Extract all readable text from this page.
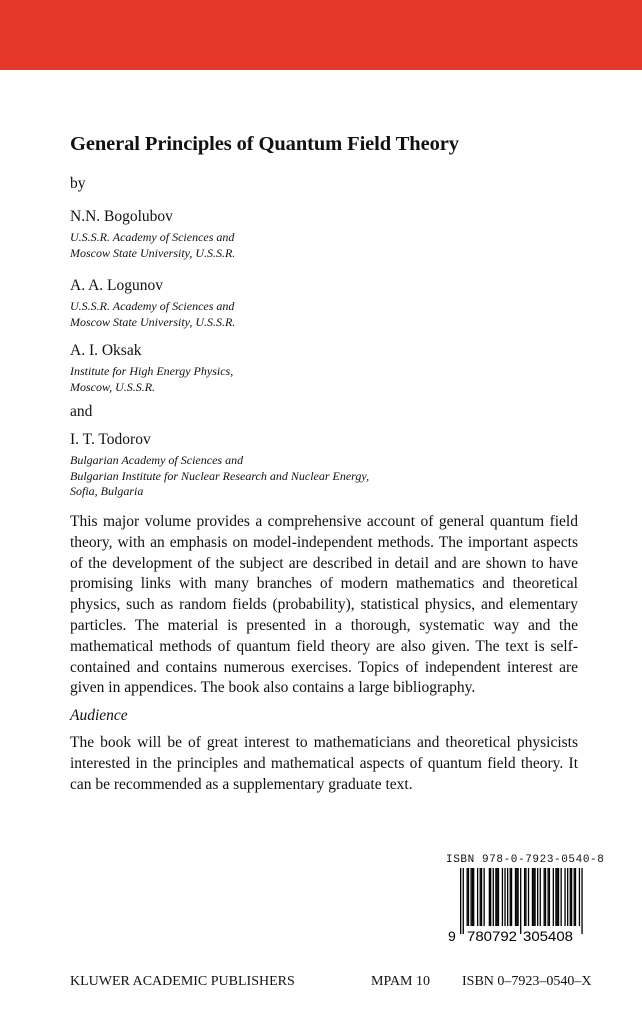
General Principles of Quantum Field Theory
by
N.N. Bogolubov
U.S.S.R. Academy of Sciences and
Moscow State University, U.S.S.R.
A. A. Logunov
U.S.S.R. Academy of Sciences and
Moscow State University, U.S.S.R.
A. I. Oksak
Institute for High Energy Physics,
Moscow, U.S.S.R.
and
I. T. Todorov
Bulgarian Academy of Sciences and
Bulgarian Institute for Nuclear Research and Nuclear Energy,
Sofia, Bulgaria
This major volume provides a comprehensive account of general quantum field theory, with an emphasis on model-independent methods. The important aspects of the development of the subject are described in detail and are shown to have promising links with many branches of modern mathematics and theoretical physics, such as random fields (probability), statistical physics, and elementary particles. The material is presented in a thorough, systematic way and the mathematical methods of quantum field theory are also given. The text is self-contained and contains numerous exercises. Topics of independent interest are given in appendices. The book also contains a large bibliography.
Audience
The book will be of great interest to mathematicians and theoretical physicists interested in the principles and mathematical aspects of quantum field theory. It can be recommended as a supplementary graduate text.
ISBN 978-0-7923-0540-8
9 780792 305408
KLUWER ACADEMIC PUBLISHERS	MPAM 10 ISBN 0–7923–0540–X
